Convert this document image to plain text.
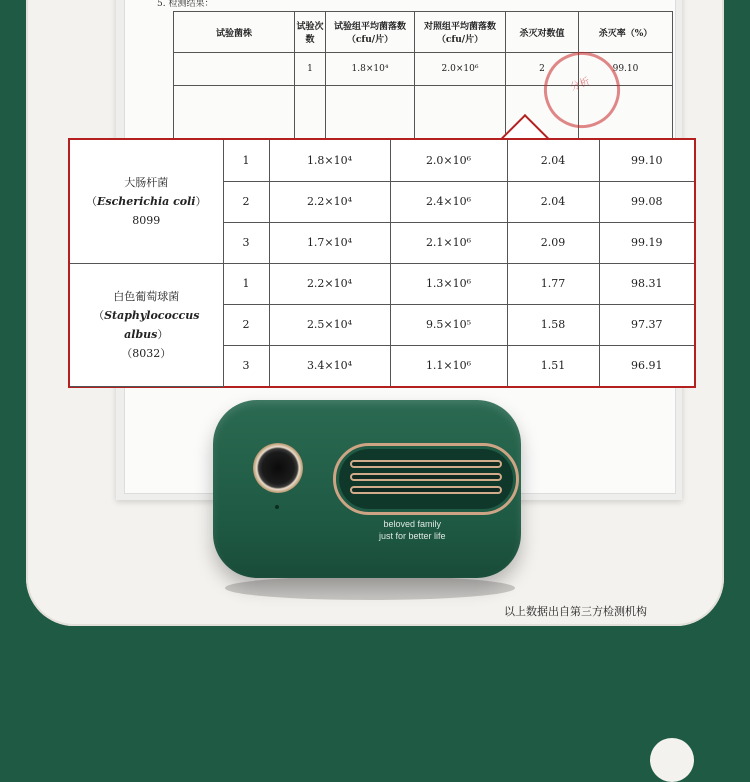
5. 检测结果：
试验菌株	试验次数	试验组平均菌落数（cfu/片）	对照组平均菌落数（cfu/片）	杀灭对数值	杀灭率（%）
	1	1.8×10⁴	2.0×10⁶	2	99.10

分析
大肠杆菌
（Escherichia coli）
8099	1	1.8×10⁴	2.0×10⁶	2.04	99.10
	2	2.2×10⁴	2.4×10⁶	2.04	99.08
	3	1.7×10⁴	2.1×10⁶	2.09	99.19

白色葡萄球菌
（Staphylococcus albus）
（8032）	1	2.2×10⁴	1.3×10⁶	1.77	98.31
	2	2.5×10⁴	9.5×10⁵	1.58	97.37
	3	3.4×10⁴	1.1×10⁶	1.51	96.91
beloved family
just for better life
以上数据出自第三方检测机构
